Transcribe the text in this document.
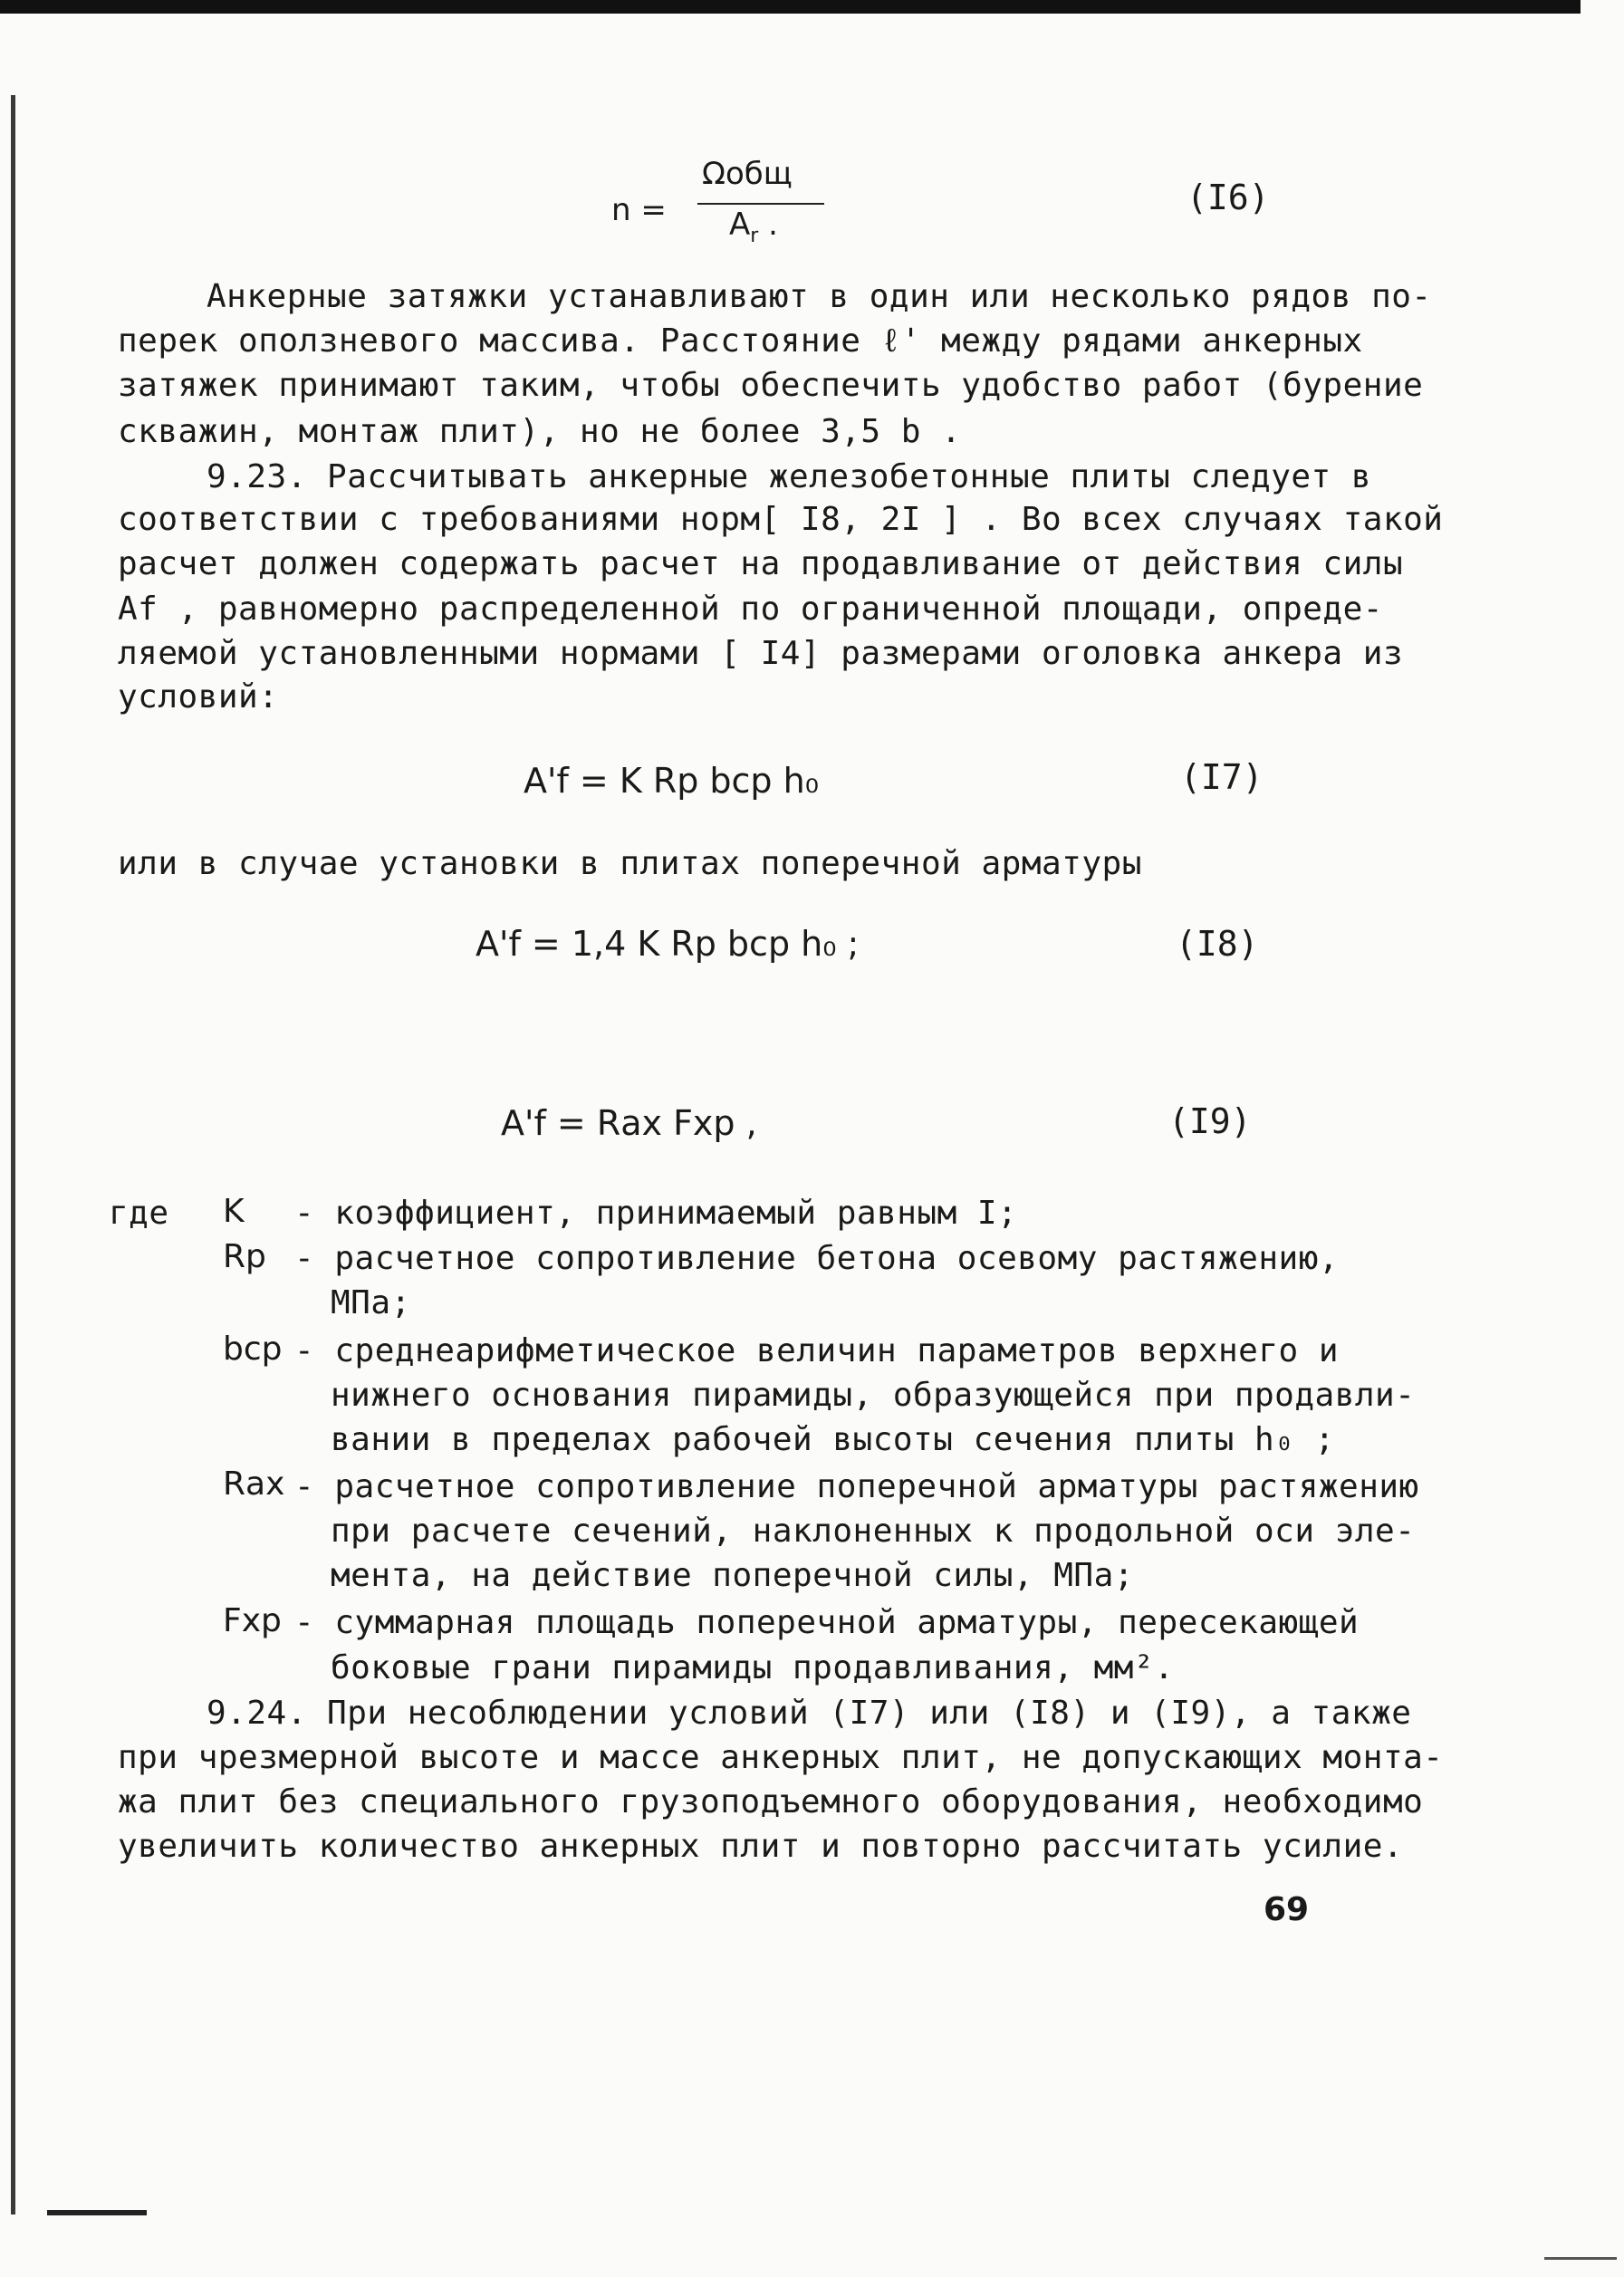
n =
Ωобщ
$A_r$ .
(I6)
Анкерные затяжки устанавливают в один или несколько рядов по-
перек оползневого массива. Расстояние ℓ' между рядами анкерных
затяжек принимают таким, чтобы обеспечить удобство работ (бурение
скважин, монтаж плит), но не более 3,5 b .
9.23. Рассчитывать анкерные железобетонные плиты следует в
соответствии с требованиями норм[ I8, 2I ] . Во всех случаях такой
расчет должен содержать расчет на продавливание от действия силы
Af , равномерно распределенной по ограниченной площади, опреде-
ляемой установленными нормами [ I4] размерами оголовка анкера из
условий:
A'f = K Rp bср h₀	(I7)
или в случае установки в плитах поперечной арматуры
A'f = 1,4 K Rp bср h₀ ;	(I8)
A'f = Rах Fхр ,	(I9)
где K - коэффициент, принимаемый равным I;
Rp - расчетное сопротивление бетона осевому растяжению,
МПа;
bср - среднеарифметическое величин параметров верхнего и
нижнего основания пирамиды, образующейся при продавли-
вании в пределах рабочей высоты сечения плиты h₀ ;
Rах - расчетное сопротивление поперечной арматуры растяжению
при расчете сечений, наклоненных к продольной оси эле-
мента, на действие поперечной силы, МПа;
Fхр - суммарная площадь поперечной арматуры, пересекающей
боковые грани пирамиды продавливания, мм².
9.24. При несоблюдении условий (I7) или (I8) и (I9), а также
при чрезмерной высоте и массе анкерных плит, не допускающих монта-
жа плит без специального грузоподъемного оборудования, необходимо
увеличить количество анкерных плит и повторно рассчитать усилие.
69
